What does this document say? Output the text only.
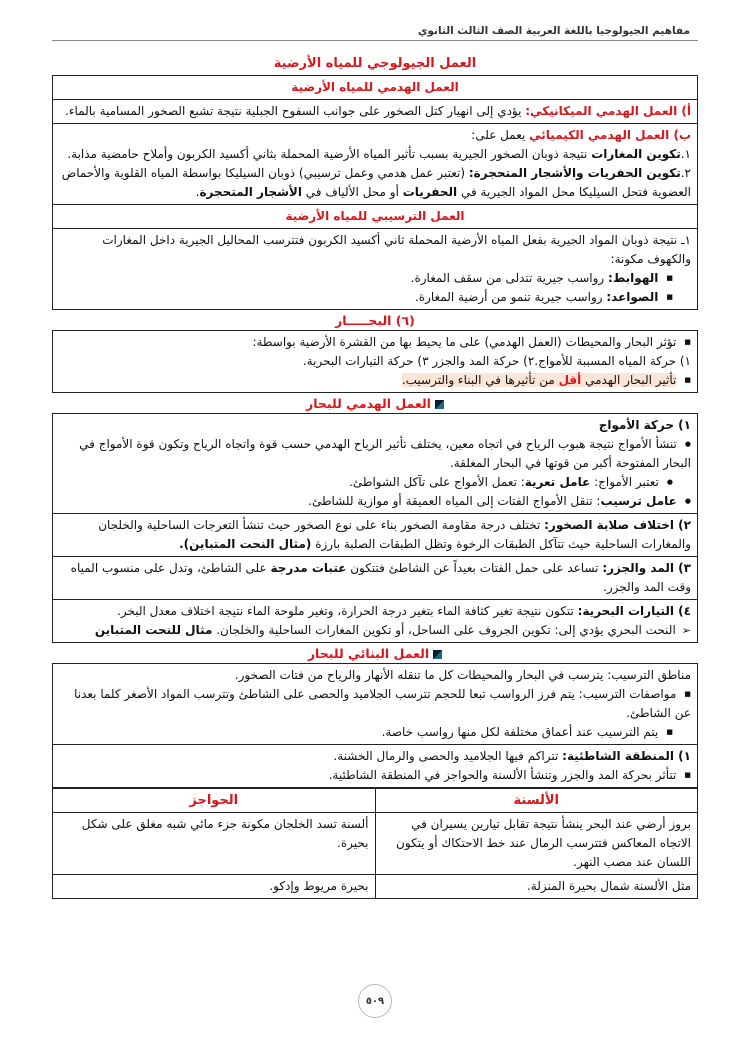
مفاهيم الجيولوجيا باللغة العربية الصف الثالث الثانوي
العمل الجيولوجي للمياه الأرضية
العمل الهدمي للمياه الأرضية
أ) العمل الهدمي الميكانيكي: يؤدي إلى انهيار كتل الصخور على جوانب السفوح الجبلية نتيجة تشبع الصخور المسامية بالماء.
ب) العمل الهدمي الكيميائي يعمل على:
١.تكوين المغارات نتيجة ذوبان الصخور الجيرية بسبب تأثير المياه الأرضية المحملة بثاني أكسيد الكربون وأملاح حامضية مذابة.
٢.تكوين الحفريات والأشجار المتحجرة: (تعتبر عمل هدمي وعمل ترسيبي) ذوبان السيليكا بواسطة المياه القلوية والأحماض العضوية فتحل السيليكا محل المواد الجيرية في الحفريات أو محل الألياف في الأشجار المتحجرة.
العمل الترسيبي للمياه الأرضية
١ـ نتيجة ذوبان المواد الجيرية بفعل المياه الأرضية المحملة ثاني أكسيد الكربون فتترسب المحاليل الجيرية داخل المغارات والكهوف مكونة:
■ الهوابط: رواسب جيرية تتدلى من سقف المغارة.
■ الصواعد: رواسب جيرية تنمو من أرضية المغارة.
(٦) البحـــــار
■ تؤثر البحار والمحيطات (العمل الهدمي) على ما يحيط بها من القشرة الأرضية بواسطة:
١) حركة المياه المسببة للأمواج.٢) حركة المد والجزر ٣) حركة التيارات البحرية.
■ تأثير البحار الهدمي أقل من تأثيرها في البناء والترسيب.
العمل الهدمي للبحار
١) حركة الأمواج
● تنشأ الأمواج نتيجة هبوب الرياح في اتجاه معين، يختلف تأثير الرياح الهدمي حسب قوة واتجاه الرياح وتكون قوة الأمواج في البحار المفتوحة أكبر من قوتها في البحار المغلقة.
● تعتبر الأمواج: عامل تعرية: تعمل الأمواج على تآكل الشواطئ.
● عامل ترسيب: تنقل الأمواج الفتات إلى المياه العميقة أو موازية للشاطئ.
٢) اختلاف صلابة الصخور: تختلف درجة مقاومة الصخور بناء على نوع الصخور حيث تنشأ التعرجات الساحلية والخلجان والمغارات الساحلية حيث تتآكل الطبقات الرخوة وتظل الطبقات الصلبة بارزة (مثال النحت المتباين).
٣) المد والجزر: تساعد على حمل الفتات بعيداً عن الشاطئ فتتكون عتبات مدرجة على الشاطئ، وتدل على منسوب المياه وقت المد والجزر.
٤) التيارات البحرية: تتكون نتيجة تغير كثافة الماء بتغير درجة الحرارة، وتغير ملوحة الماء نتيجة اختلاف معدل البخر.
➢ النحت البحري يؤدي إلى: تكوين الجروف على الساحل، أو تكوين المغارات الساحلية والخلجان. مثال للنحت المتباين
العمل البنائي للبحار
مناطق الترسيب: يترسب في البحار والمحيطات كل ما تنقله الأنهار والرياح من فتات الصخور.
■ مواصفات الترسيب: يتم فرز الرواسب تبعا للحجم تترسب الجلاميد والحصى على الشاطئ وتترسب المواد الأصغر كلما بعدنا عن الشاطئ.
■ يتم الترسيب عند أعماق مختلفة لكل منها رواسب خاصة.
١) المنطقة الشاطئية: تتراكم فيها الجلاميد والحصى والرمال الخشنة.
■ تتأثر بحركة المد والجزر وتنشأ الألسنة والحواجز في المنطقة الشاطئية.
الألسنة	الحواجز
بروز أرضي عند البحر ينشأ نتيجة تقابل تيارين يسيران في الاتجاه المعاكس فتترسب الرمال عند خط الاحتكاك أو يتكون اللسان عند مصب النهر.	ألسنة تسد الخلجان مكونة جزء مائي شبه مغلق على شكل بحيرة.
مثل الألسنة شمال بحيرة المنزلة.	بحيرة مريوط وإدكو.
٥٠٩
